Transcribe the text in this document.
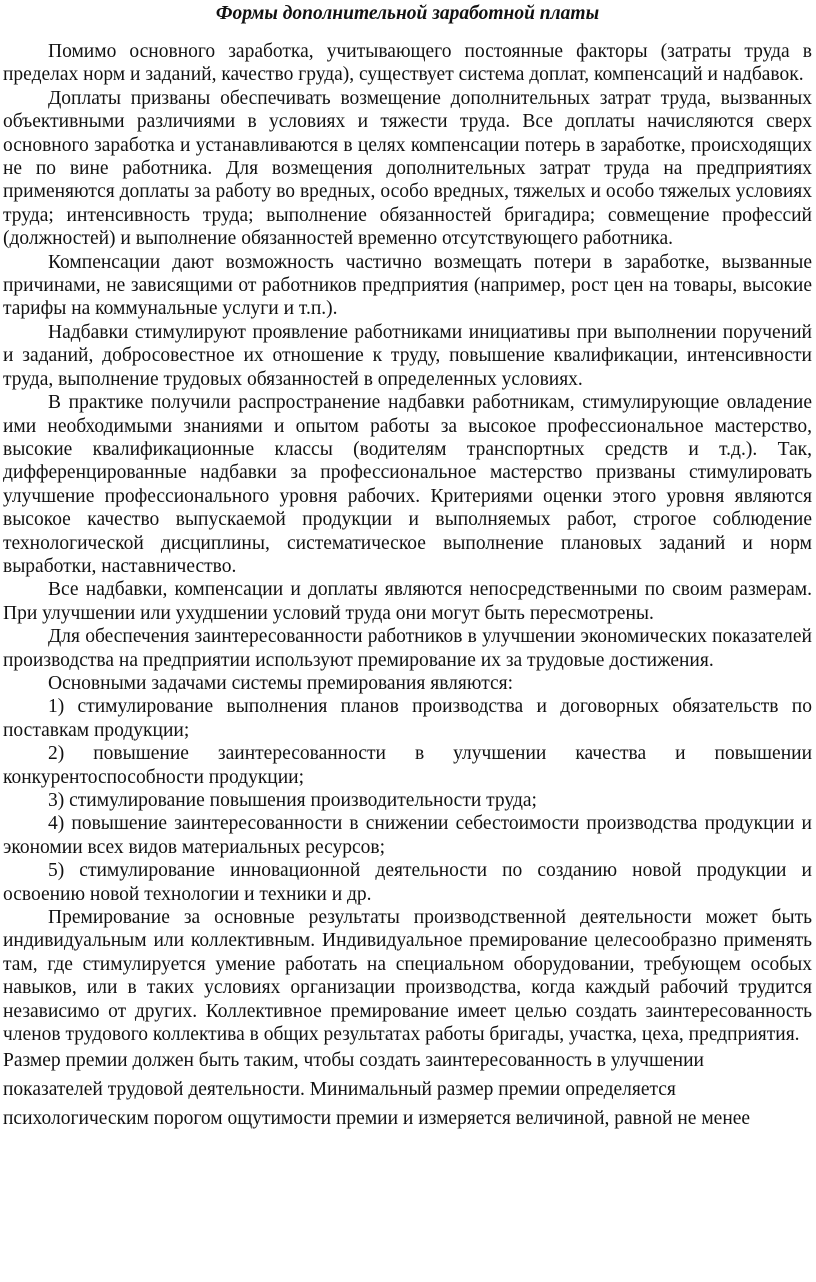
Формы дополнительной заработной платы

Помимо основного заработка, учитывающего постоянные факторы (затраты труда в пределах норм и заданий, качество груда), существует система доплат, компенсаций и надбавок.

Доплаты призваны обеспечивать возмещение дополнительных затрат труда, вызванных объективными различиями в условиях и тяжести труда. Все доплаты начисляются сверх основного заработка и устанавливаются в целях компенсации потерь в заработке, происходящих не по вине работника. Для возмещения дополнительных затрат труда на предприятиях применяются доплаты за работу во вредных, особо вредных, тяжелых и особо тяжелых условиях труда; интенсивность труда; выполнение обязанностей бригадира; совмещение профессий (должностей) и выполнение обязанностей временно отсутствующего работника.

Компенсации дают возможность частично возмещать потери в заработке, вызванные причинами, не зависящими от работников предприятия (например, рост цен на товары, высокие тарифы на коммунальные услуги и т.п.).

Надбавки стимулируют проявление работниками инициативы при выполнении поручений и заданий, добросовестное их отношение к труду, повышение квалификации, интенсивности труда, выполнение трудовых обязанностей в определенных условиях.

В практике получили распространение надбавки работникам, стимулирующие овладение ими необходимыми знаниями и опытом работы за высокое профессиональное мастерство, высокие квалификационные классы (водителям транспортных средств и т.д.). Так, дифференцированные надбавки за профессиональное мастерство призваны стимулировать улучшение профессионального уровня рабочих. Критериями оценки этого уровня являются высокое качество выпускаемой продукции и выполняемых работ, строгое соблюдение технологической дисциплины, систематическое выполнение плановых заданий и норм выработки, наставничество.

Все надбавки, компенсации и доплаты являются непосредственными по своим размерам. При улучшении или ухудшении условий труда они могут быть пересмотрены.

Для обеспечения заинтересованности работников в улучшении экономических показателей производства на предприятии используют премирование их за трудовые достижения.

Основными задачами системы премирования являются:

1) стимулирование выполнения планов производства и договорных обязательств по поставкам продукции;

2) повышение заинтересованности в улучшении качества и повышении конкурентоспособности продукции;

3) стимулирование повышения производительности труда;

4) повышение заинтересованности в снижении себестоимости производства продукции и экономии всех видов материальных ресурсов;

5) стимулирование инновационной деятельности по созданию новой продукции и освоению новой технологии и техники и др.

Премирование за основные результаты производственной деятельности может быть индивидуальным или коллективным. Индивидуальное премирование целесообразно применять там, где стимулируется умение работать на специальном оборудовании, требующем особых навыков, или в таких условиях организации производства, когда каждый рабочий трудится независимо от других. Коллективное премирование имеет целью создать заинтересованность членов трудового коллектива в общих результатах работы бригады, участка, цеха, предприятия.

Размер премии должен быть таким, чтобы создать заинтересованность в улучшении
показателей трудовой деятельности. Минимальный размер премии определяется
психологическим порогом ощутимости премии и измеряется величиной, равной не менее
